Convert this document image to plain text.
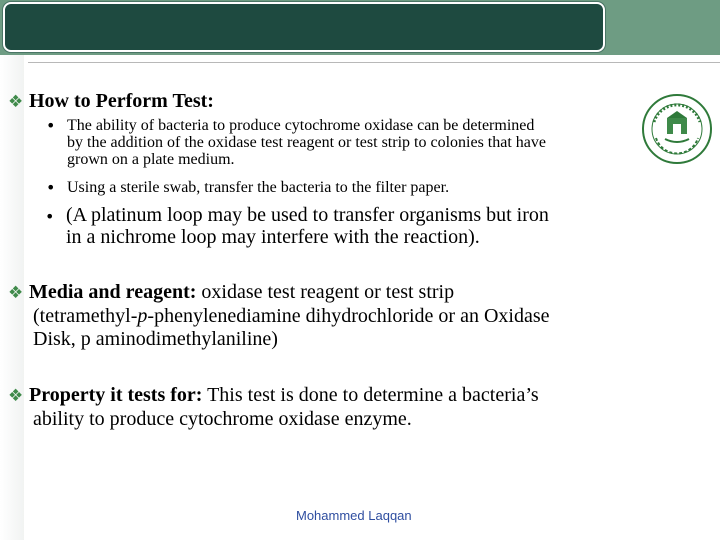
❖ How to Perform Test:
• The ability of bacteria to produce cytochrome oxidase can be determined
by the addition of the oxidase test reagent or test strip to colonies that have
grown on a plate medium.
• Using a sterile swab, transfer the bacteria to the filter paper.
• (A platinum loop may be used to transfer organisms but iron
in a nichrome loop may interfere with the reaction).
❖ Media and reagent: oxidase test reagent or test strip
(tetramethyl-p-phenylenediamine dihydrochloride or an Oxidase
Disk, p aminodimethylaniline)
❖ Property it tests for: This test is done to determine a bacteria’s
ability to produce cytochrome oxidase enzyme.
Mohammed Laqqan
